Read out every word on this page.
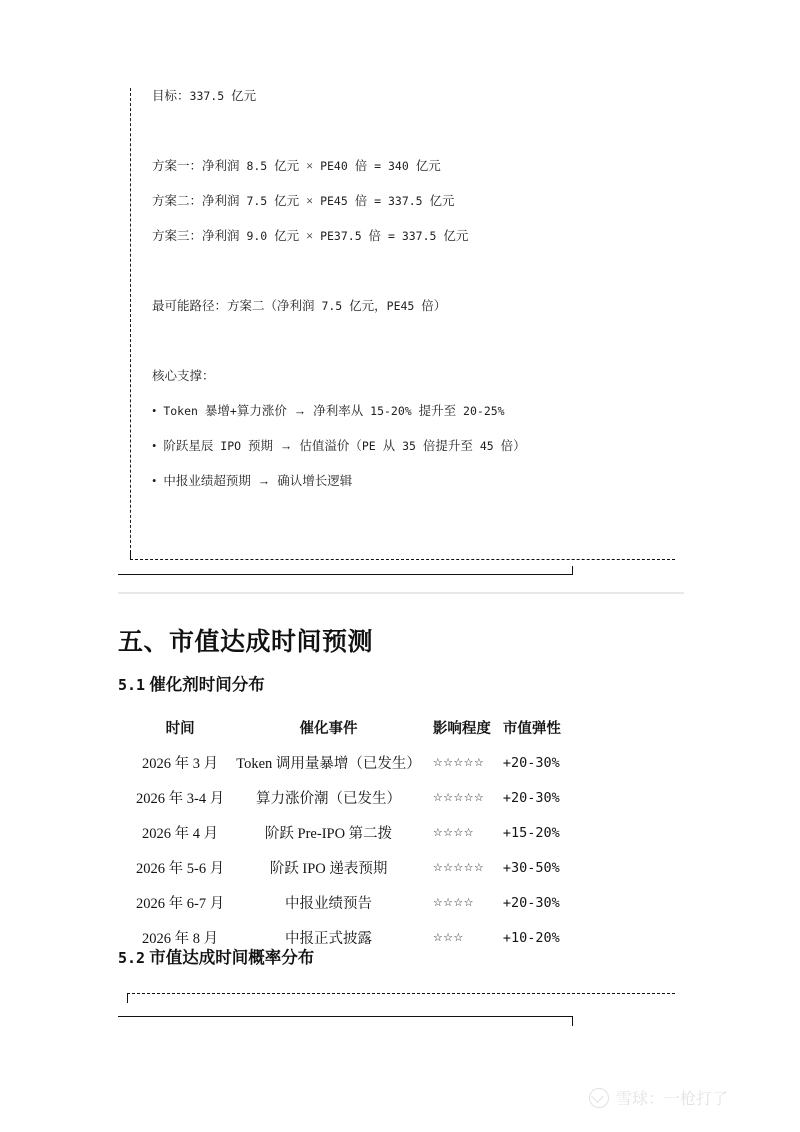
目标：337.5 亿元
方案一：净利润 8.5 亿元 × PE40 倍 = 340 亿元
方案二：净利润 7.5 亿元 × PE45 倍 = 337.5 亿元
方案三：净利润 9.0 亿元 × PE37.5 倍 = 337.5 亿元
最可能路径：方案二（净利润 7.5 亿元，PE45 倍）
核心支撑：
• Token 暴增+算力涨价 → 净利率从 15-20% 提升至 20-25%
• 阶跃星辰 IPO 预期 → 估值溢价（PE 从 35 倍提升至 45 倍）
• 中报业绩超预期 → 确认增长逻辑
五、市值达成时间预测
5.1 催化剂时间分布
时间	催化事件	影响程度	市值弹性
2026 年 3 月	Token 调用量暴增（已发生）	☆☆☆☆☆	+20-30%
2026 年 3-4 月	算力涨价潮（已发生）	☆☆☆☆☆	+20-30%
2026 年 4 月	阶跃 Pre-IPO 第二拨	☆☆☆☆	+15-20%
2026 年 5-6 月	阶跃 IPO 递表预期	☆☆☆☆☆	+30-50%
2026 年 6-7 月	中报业绩预告	☆☆☆☆	+20-30%
2026 年 8 月	中报正式披露	☆☆☆	+10-20%
5.2 市值达成时间概率分布
雪球：一枪打了
